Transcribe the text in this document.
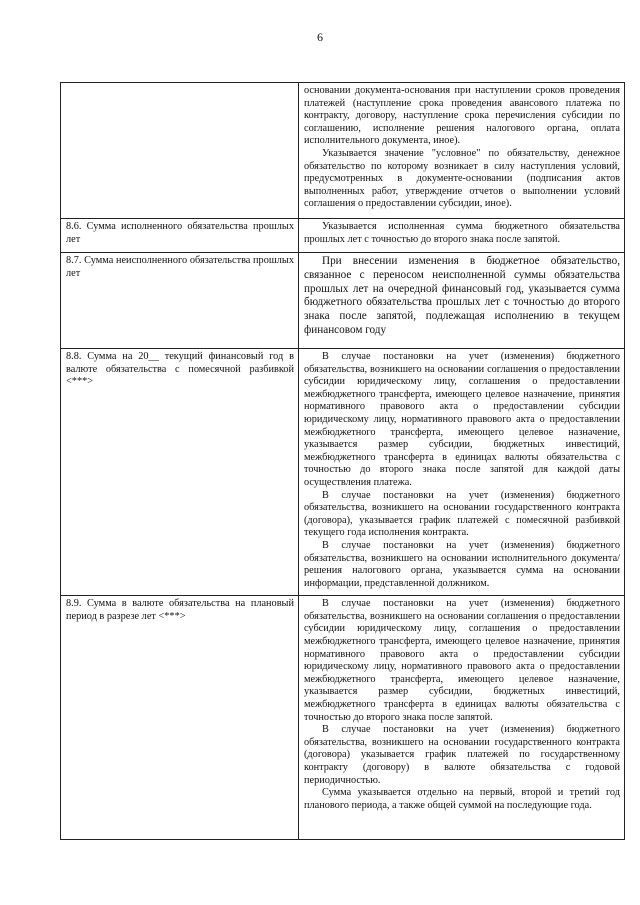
6

	основании документа-основания при наступлении сроков проведения платежей (наступление срока проведения авансового платежа по контракту, договору, наступление срока перечисления субсидии по соглашению, исполнение решения налогового органа, оплата исполнительного документа, иное).

Указывается значение "условное" по обязательству, денежное обязательство по которому возникает в силу наступления условий, предусмотренных в документе-основании (подписания актов выполненных работ, утверждение отчетов о выполнении условий соглашения о предоставлении субсидии, иное).

8.6. Сумма исполненного обязательства прошлых лет	Указывается исполненная сумма бюджетного обязательства прошлых лет с точностью до второго знака после запятой.

8.7. Сумма неисполненного обязательства прошлых лет	При внесении изменения в бюджетное обязательство, связанное с переносом неисполненной суммы обязательства прошлых лет на очередной финансовый год, указывается сумма бюджетного обязательства прошлых лет с точностью до второго знака после запятой, подлежащая исполнению в текущем финансовом году

8.8. Сумма на 20__ текущий финансовый год в валюте обязательства с помесячной разбивкой <***>	В случае постановки на учет (изменения) бюджетного обязательства, возникшего на основании соглашения о предоставлении субсидии юридическому лицу, соглашения о предоставлении межбюджетного трансферта, имеющего целевое назначение, принятия нормативного правового акта о предоставлении субсидии юридическому лицу, нормативного правового акта о предоставлении межбюджетного трансферта, имеющего целевое назначение, указывается размер субсидии, бюджетных инвестиций, межбюджетного трансферта в единицах валюты обязательства с точностью до второго знака после запятой для каждой даты осуществления платежа.

В случае постановки на учет (изменения) бюджетного обязательства, возникшего на основании государственного контракта (договора), указывается график платежей с помесячной разбивкой текущего года исполнения контракта.

В случае постановки на учет (изменения) бюджетного обязательства, возникшего на основании исполнительного документа/решения налогового органа, указывается сумма на основании информации, представленной должником.

8.9. Сумма в валюте обязательства на плановый период в разрезе лет <***>	В случае постановки на учет (изменения) бюджетного обязательства, возникшего на основании соглашения о предоставлении субсидии юридическому лицу, соглашения о предоставлении межбюджетного трансферта, имеющего целевое назначение, принятия нормативного правового акта о предоставлении субсидии юридическому лицу, нормативного правового акта о предоставлении межбюджетного трансферта, имеющего целевое назначение, указывается размер субсидии, бюджетных инвестиций, межбюджетного трансферта в единицах валюты обязательства с точностью до второго знака после запятой.

В случае постановки на учет (изменения) бюджетного обязательства, возникшего на основании государственного контракта (договора) указывается график платежей по государственному контракту (договору) в валюте обязательства с годовой периодичностью.

Сумма указывается отдельно на первый, второй и третий год планового периода, а также общей суммой на последующие года.
